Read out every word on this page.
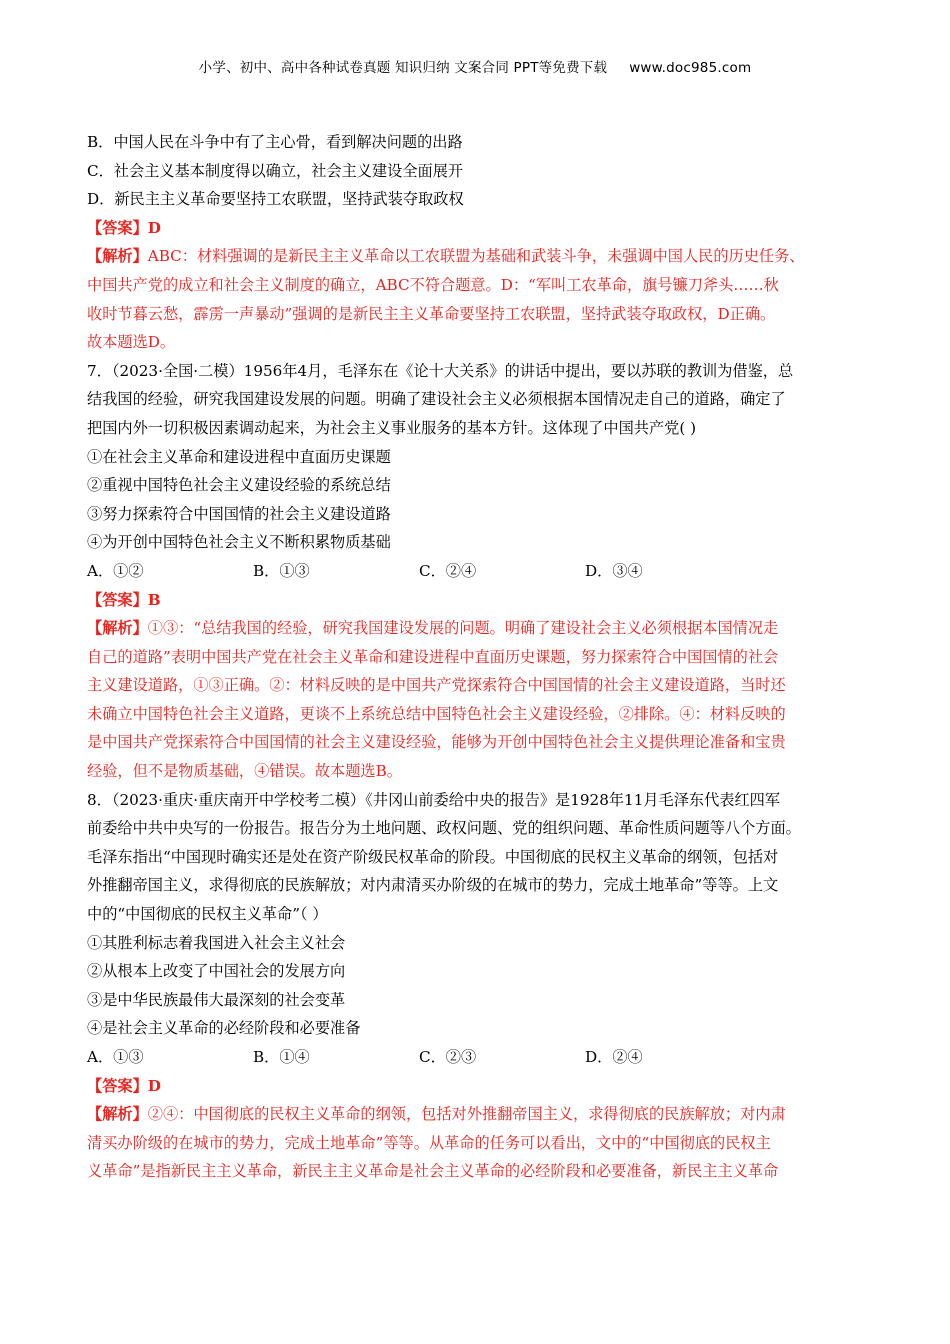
小学、初中、高中各种试卷真题 知识归纳 文案合同 PPT等免费下载 www.doc985.com
B．中国人民在斗争中有了主心骨，看到解决问题的出路
C．社会主义基本制度得以确立，社会主义建设全面展开
D．新民主主义革命要坚持工农联盟，坚持武装夺取政权
【答案】D
【解析】ABC：材料强调的是新民主主义革命以工农联盟为基础和武装斗争，未强调中国人民的历史任务、
中国共产党的成立和社会主义制度的确立，ABC不符合题意。D：“军叫工农革命，旗号镰刀斧头……秋
收时节暮云愁，霹雳一声暴动”强调的是新民主主义革命要坚持工农联盟，坚持武装夺取政权，D正确。
故本题选D。
7．（2023·全国·二模）1956年4月，毛泽东在《论十大关系》的讲话中提出，要以苏联的教训为借鉴，总
结我国的经验，研究我国建设发展的问题。明确了建设社会主义必须根据本国情况走自己的道路，确定了
把国内外一切积极因素调动起来，为社会主义事业服务的基本方针。这体现了中国共产党( )
①在社会主义革命和建设进程中直面历史课题
②重视中国特色社会主义建设经验的系统总结
③努力探索符合中国国情的社会主义建设道路
④为开创中国特色社会主义不断积累物质基础
A．①②	B．①③	C．②④	D．③④
【答案】B
【解析】①③：“总结我国的经验，研究我国建设发展的问题。明确了建设社会主义必须根据本国情况走
自己的道路”表明中国共产党在社会主义革命和建设进程中直面历史课题，努力探索符合中国国情的社会
主义建设道路，①③正确。②：材料反映的是中国共产党探索符合中国国情的社会主义建设道路，当时还
未确立中国特色社会主义道路，更谈不上系统总结中国特色社会主义建设经验，②排除。④：材料反映的
是中国共产党探索符合中国国情的社会主义建设经验，能够为开创中国特色社会主义提供理论准备和宝贵
经验，但不是物质基础，④错误。故本题选B。
8．（2023·重庆·重庆南开中学校考二模）《井冈山前委给中央的报告》是1928年11月毛泽东代表红四军
前委给中共中央写的一份报告。报告分为土地问题、政权问题、党的组织问题、革命性质问题等八个方面。
毛泽东指出“中国现时确实还是处在资产阶级民权革命的阶段。中国彻底的民权主义革命的纲领，包括对
外推翻帝国主义，求得彻底的民族解放；对内肃清买办阶级的在城市的势力，完成土地革命”等等。上文
中的“中国彻底的民权主义革命”（ ）
①其胜利标志着我国进入社会主义社会
②从根本上改变了中国社会的发展方向
③是中华民族最伟大最深刻的社会变革
④是社会主义革命的必经阶段和必要准备
A．①③	B．①④	C．②③	D．②④
【答案】D
【解析】②④：中国彻底的民权主义革命的纲领，包括对外推翻帝国主义，求得彻底的民族解放；对内肃
清买办阶级的在城市的势力，完成土地革命”等等。从革命的任务可以看出，文中的“中国彻底的民权主
义革命”是指新民主主义革命，新民主主义革命是社会主义革命的必经阶段和必要准备，新民主主义革命
